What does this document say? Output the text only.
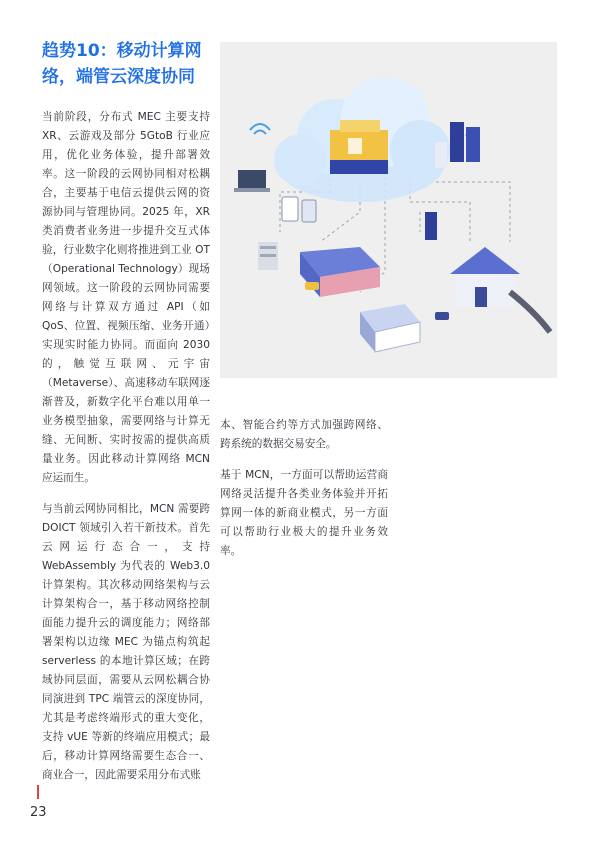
趋势10：移动计算网络，端管云深度协同

当前阶段，分布式 MEC 主要支持 XR、云游戏及部分 5GtoB 行业应用，优化业务体验，提升部署效率。这一阶段的云网协同相对松耦合，主要基于电信云提供云网的资源协同与管理协同。2025 年，XR 类消费者业务进一步提升交互式体验，行业数字化则将推进到工业 OT（Operational Technology）现场网领域。这一阶段的云网协同需要网络与计算双方通过 API（如 QoS、位置、视频压缩、业务开通）实现实时能力协同。而面向 2030 的，触觉互联网、元宇宙（Metaverse）、高速移动车联网逐渐普及，新数字化平台难以用单一业务模型抽象，需要网络与计算无缝、无间断、实时按需的提供高质量业务。因此移动计算网络 MCN 应运而生。

与当前云网协同相比，MCN 需要跨 DOICT 领域引入若干新技术。首先云网运行态合一，支持 WebAssembly 为代表的 Web3.0 计算架构。其次移动网络架构与云计算架构合一，基于移动网络控制面能力提升云的调度能力；网络部署架构以边缘 MEC 为锚点构筑起 serverless 的本地计算区域；在跨域协同层面，需要从云网松耦合协同演进到 TPC 端管云的深度协同，尤其是考虑终端形式的重大变化，支持 vUE 等新的终端应用模式；最后，移动计算网络需要生态合一、商业合一，因此需要采用分布式账

本、智能合约等方式加强跨网络、跨系统的数据交易安全。

基于 MCN，一方面可以帮助运营商网络灵活提升各类业务体验并开拓算网一体的新商业模式，另一方面可以帮助行业极大的提升业务效率。

23
